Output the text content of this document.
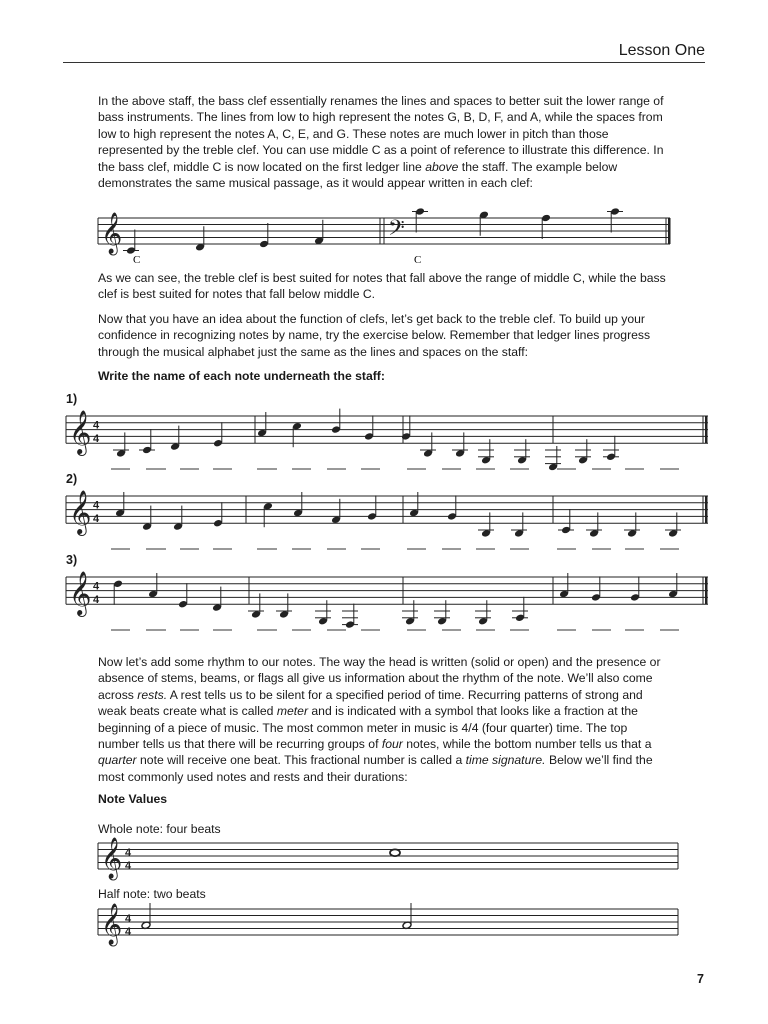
Lesson One

In the above staff, the bass clef essentially renames the lines and spaces to better suit the lower range of bass instruments. The lines from low to high represent the notes G, B, D, F, and A, while the spaces from low to high represent the notes A, C, E, and G. These notes are much lower in pitch than those represented by the treble clef. You can use middle C as a point of reference to illustrate this difference. In the bass clef, middle C is now located on the first ledger line above the staff. The example below demonstrates the same musical passage, as it would appear written in each clef:

𝄞	𝄢
C	C

As we can see, the treble clef is best suited for notes that fall above the range of middle C, while the bass clef is best suited for notes that fall below middle C.

Now that you have an idea about the function of clefs, let’s get back to the treble clef. To build up your confidence in recognizing notes by name, try the exercise below. Remember that ledger lines progress through the musical alphabet just the same as the lines and spaces on the staff:

Write the name of each note underneath the staff:
1)
𝄞 4
4
2)
𝄞 4
4
3)
𝄞 4
4

Now let’s add some rhythm to our notes. The way the head is written (solid or open) and the presence or absence of stems, beams, or flags all give us information about the rhythm of the note. We’ll also come across rests. A rest tells us to be silent for a specified period of time. Recurring patterns of strong and weak beats create what is called meter and is indicated with a symbol that looks like a fraction at the beginning of a piece of music. The most common meter in music is 4/4 (four quarter) time. The top number tells us that there will be recurring groups of four notes, while the bottom number tells us that a quarter note will receive one beat. This fractional number is called a time signature. Below we’ll find the most commonly used notes and rests and their durations:

Note Values
Whole note: four beats
𝄞 4
4
Half note: two beats
𝄞 4
4
7
